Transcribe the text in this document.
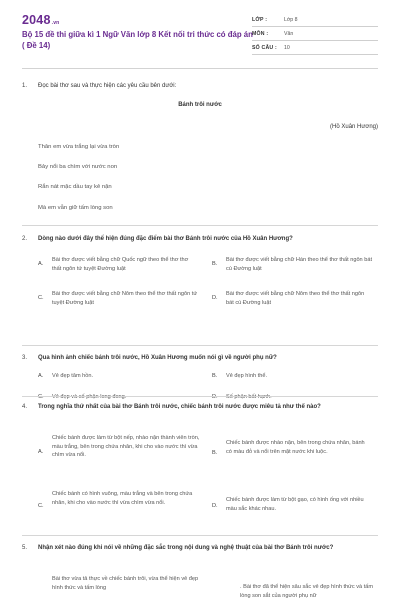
2048.vn
Bộ 15 đề thi giữa kì 1 Ngữ Văn lớp 8 Kết nối tri thức có đáp án ( Đề 14)
LỚP :	Lớp 8
MÔN :	Văn
SỐ CÂU :	10
1. Đọc bài thơ sau và thực hiện các yêu cầu bên dưới:
Bánh trôi nước
(Hồ Xuân Hương)
Thân em vừa trắng lại vừa tròn
Bảy nổi ba chìm với nước non
Rắn nát mặc dầu tay kẻ nặn
Mà em vẫn giữ tấm lòng son
2. Dòng nào dưới đây thể hiện đúng đặc điểm bài thơ Bánh trôi nước của Hồ Xuân Hương?
A.
Bài thơ được viết bằng chữ Quốc ngữ theo thể thơ thơ thất ngôn tứ tuyệt Đường luật
B.
Bài thơ được viết bằng chữ Hán theo thể thơ thất ngôn bát cú Đường luật
C.
Bài thơ được viết bằng chữ Nôm theo thể thơ thất ngôn tứ tuyệt Đường luật
D.
Bài thơ được viết bằng chữ Nôm theo thể thơ thất ngôn bát cú Đường luật
3. Qua hình ảnh chiếc bánh trôi nước, Hồ Xuân Hương muốn nói gì về người phụ nữ?
A. Vẻ đẹp tâm hồn.	B. Vẻ đẹp hình thể.
C. Vẻ đẹp và số phận long đong.	D. Số phận bất hạnh.
4. Trong nghĩa thứ nhất của bài thơ Bánh trôi nước, chiếc bánh trôi nước được miêu tả như thế nào?
A.
Chiếc bánh được làm từ bột nếp, nhào nặn thành viên tròn, màu trắng, bên trong chứa nhân, khi cho vào nước thì vừa chìm vừa nổi.	B.
Chiếc bánh được nhào nặn, bên trong chứa nhân, bánh có màu đỏ và nổi trên mặt nước khi luộc.
C.
Chiếc bánh có hình vuông, màu trắng và bên trong chứa nhân, khi cho vào nước thì vừa chìm vừa nổi.
D.
Chiếc bánh được làm từ bột gạo, có hình ống với nhiều màu sắc khác nhau.
5. Nhận xét nào đúng khi nói về những đặc sắc trong nội dung và nghệ thuật của bài thơ Bánh trôi nước?
Bài thơ vừa tả thực về chiếc bánh trôi, vừa thể hiện vẻ đẹp hình thức và tấm lòng	. Bài thơ đã thể hiện sâu sắc vẻ đẹp hình thức và tấm lòng son sắt của người phụ nữ
